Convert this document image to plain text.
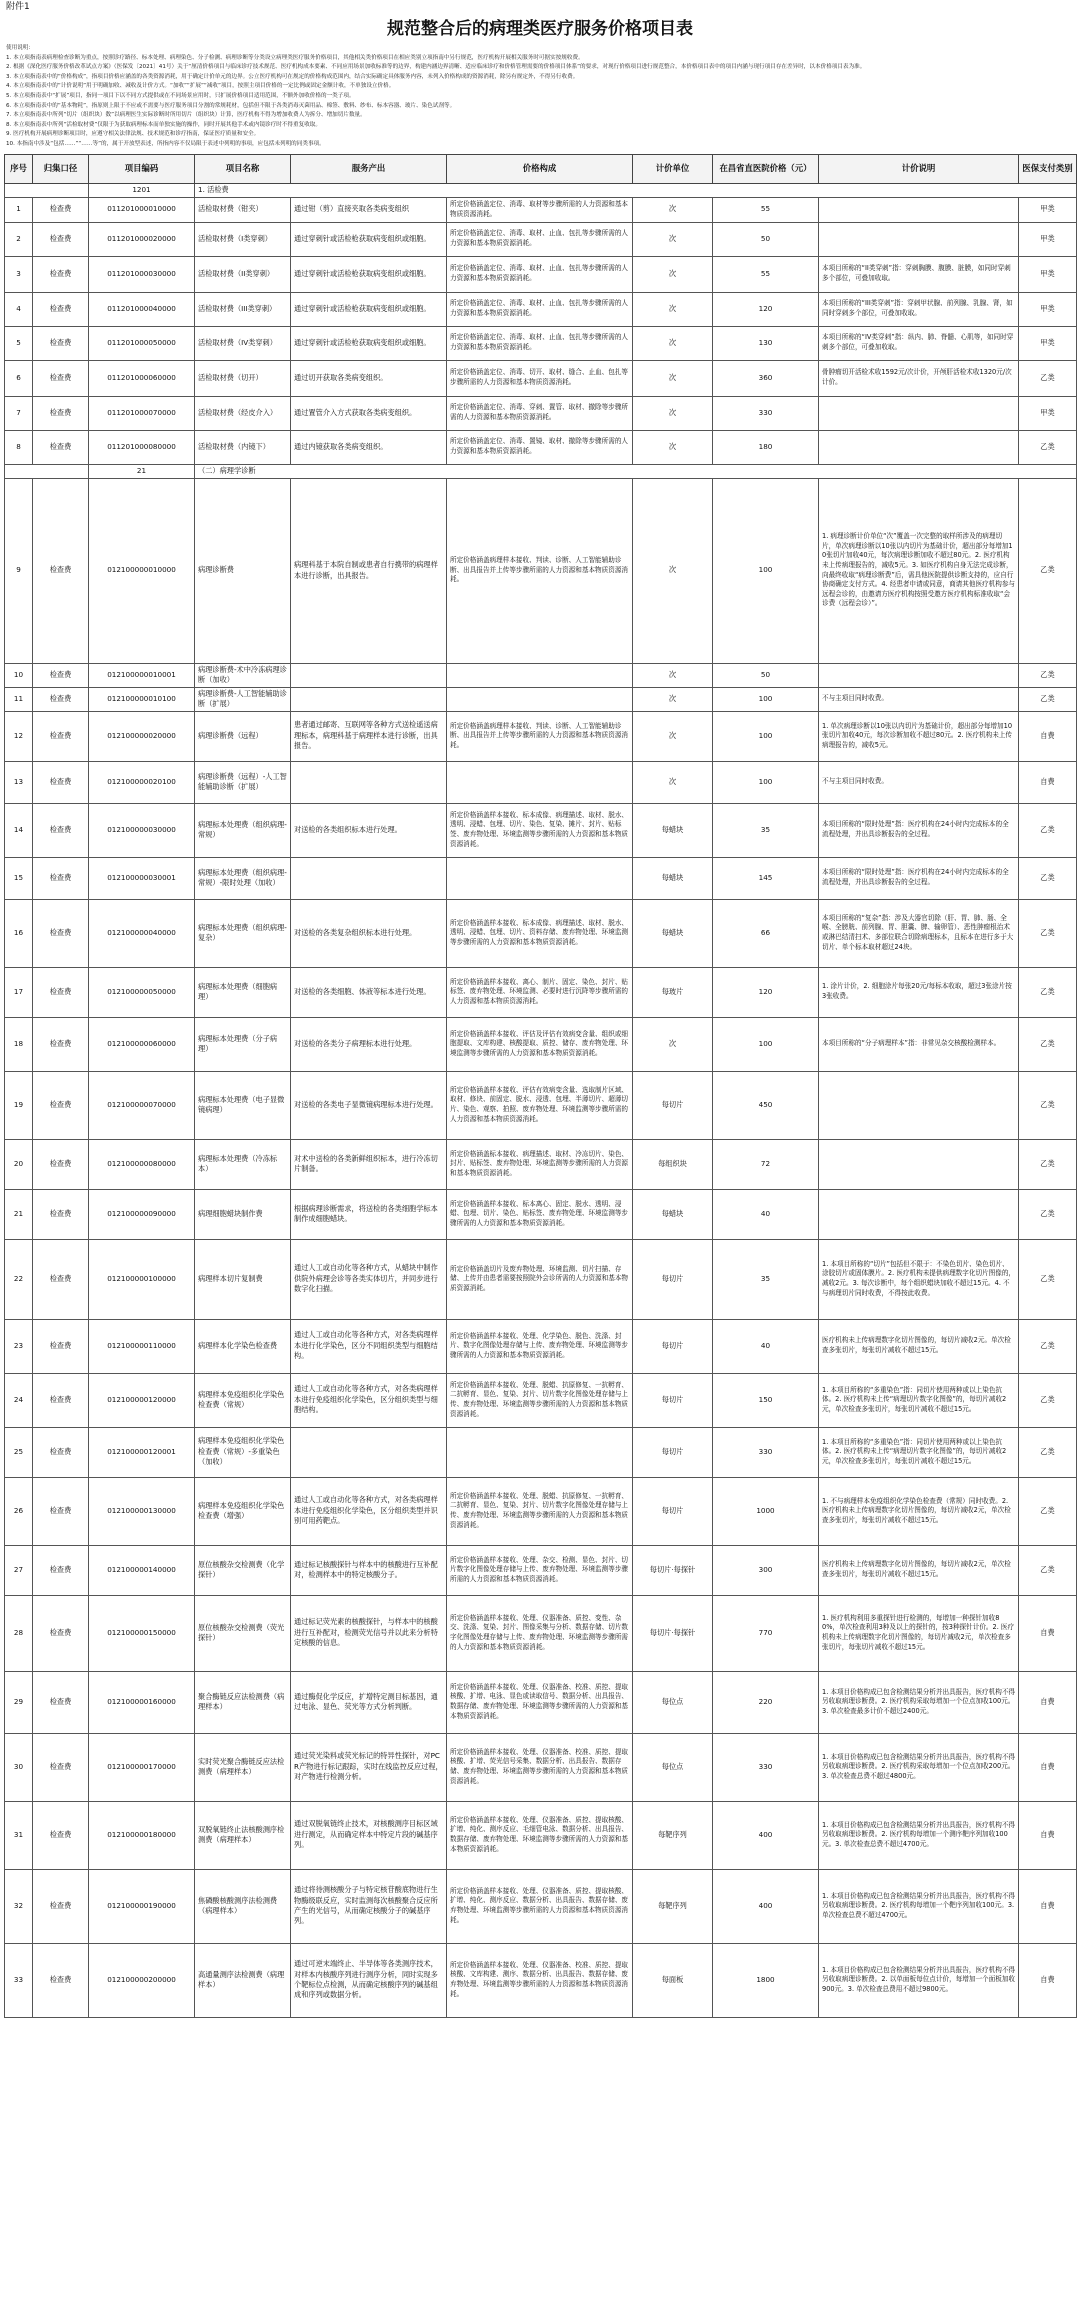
附件1
规范整合后的病理类医疗服务价格项目表

使用说明：

1. 本立项指南表病理检查诊断为重点，按照诊疗路径、标本处理、病理染色、分子检测、病理诊断等分类设立病理类医疗服务价格项目，其他相关类价格项目在相应类别立项指南中另行规范，医疗机构开展相关服务时可据实按规收费。

2. 根据《深化医疗服务价格改革试点方案》（医保发〔2021〕41号）关于“厘清价格项目与临床诊疗技术规范、医疗机构成本要素、不同应用场景加收标准等的边界，构建内涵边界清晰、适应临床诊疗和价格管理需要的价格项目体系”的要求，对现行价格项目进行规范整合，本价格项目表中的项目内涵与现行项目存在差异时，以本价格项目表为准。

3. 本立项指南表中的“价格构成”，指项目价格应涵盖的各类资源消耗，用于确定计价单元的边界。公立医疗机构可在规定的价格构成范围内，结合实际确定具体服务内容，未列入价格构成的资源消耗，除另有规定外，不得另行收费。

4. 本立项指南表中的“计价说明”用于明确加收、减收及计价方式。“加收”“扩展”“减收”项目，按照主项目价格的一定比例或固定金额计收，不单独设立价格。

5. 本立项指南表中“扩展”项目，指同一项目下以不同方式提供或在不同场景应用时，只扩展价格项目适用范围，不额外加收价格的一类子项。

6. 本立项指南表中的“基本物耗”，指原则上限于不应或不需要与医疗服务项目分割的常规耗材，包括但不限于各类消毒灭菌用品、棉签、敷料、纱布、标本容器、玻片、染色试剂等。

7. 本立项指南表中所列“切片（组织块）数”以病理医生实际诊断时所用切片（组织块）计算，医疗机构不得为增加收费人为拆分、增加切片数量。

8. 本立项指南表中所列“活检取材费”仅限于为获取病理标本而单独实施的操作，同时开展其他手术或内镜诊疗时不得重复收取。

9. 医疗机构开展病理诊断项目时，应遵守相关法律法规、技术规范和诊疗指南，保证医疗质量和安全。

10. 本指南中涉及“包括……”“……等”的，属于开放型表述，所指内容不仅局限于表述中列明的事项，应包括未列明的同类事项。

序号	归集口径	项目编码	项目名称	服务产出	价格构成	计价单位	在昌省直医院价格（元）	计价说明	医保支付类别
		1201	1. 活检费						
1	检查费	011201000010000	活检取材费（钳夹）	通过钳（剪）直接夹取各类病变组织	所定价格涵盖定位、消毒、取材等步骤所需的人力资源和基本物质资源消耗。	次	55		甲类
2	检查费	011201000020000	活检取材费（I类穿刺）	通过穿刺针或活检枪获取病变组织或细胞。	所定价格涵盖定位、消毒、取材、止血、包扎等步骤所需的人力资源和基本物质资源消耗。	次	50		甲类
3	检查费	011201000030000	活检取材费（II类穿刺）	通过穿刺针或活检枪获取病变组织或细胞。	所定价格涵盖定位、消毒、取材、止血、包扎等步骤所需的人力资源和基本物质资源消耗。	次	55	本项目所称的“II类穿刺”指：穿刺胸膜、腹膜、脏膜，如同时穿刺多个部位，可叠加收取。	甲类
4	检查费	011201000040000	活检取材费（III类穿刺）	通过穿刺针或活检枪获取病变组织或细胞。	所定价格涵盖定位、消毒、取材、止血、包扎等步骤所需的人力资源和基本物质资源消耗。	次	120	本项目所称的“III类穿刺”指：穿刺甲状腺、前列腺、乳腺、肾，如同时穿刺多个部位，可叠加收取。	甲类
5	检查费	011201000050000	活检取材费（IV类穿刺）	通过穿刺针或活检枪获取病变组织或细胞。	所定价格涵盖定位、消毒、取材、止血、包扎等步骤所需的人力资源和基本物质资源消耗。	次	130	本项目所称的“IV类穿刺”指：纵内、肺、脊髓、心肌等，如同时穿刺多个部位，可叠加收取。	甲类
6	检查费	011201000060000	活检取材费（切开）	通过切开获取各类病变组织。	所定价格涵盖定位、消毒、切开、取材、缝合、止血、包扎等步骤所需的人力资源和基本物质资源消耗。	次	360	骨肿瘤切开活检术收1592元/次计价，开颅肝活检术收1320元/次计价。	乙类
7	检查费	011201000070000	活检取材费（经皮介入）	通过置管介入方式获取各类病变组织。	所定价格涵盖定位、消毒、穿刺、置管、取材、撤除等步骤所需的人力资源和基本物质资源消耗。	次	330		甲类
8	检查费	011201000080000	活检取材费（内镜下）	通过内镜获取各类病变组织。	所定价格涵盖定位、消毒、置镜、取材、撤除等步骤所需的人力资源和基本物质资源消耗。	次	180		乙类
		21	（二）病理学诊断						
9	检查费	012100000010000	病理诊断费	病理科基于本院自制或患者自行携带的病理样本进行诊断，出具报告。	所定价格涵盖病理样本接收、判读、诊断、人工智能辅助诊断、出具报告并上传等步骤所需的人力资源和基本物质资源消耗。	次	100	1. 病理诊断计价单位“次”覆盖一次完整的取样所涉及的病理切片，单次病理诊断以10张以内切片为基础计价，超出部分每增加10张切片加收40元，每次病理诊断加收不超过80元。2. 医疗机构未上传病理报告的，减收5元。3. 如医疗机构自身无法完成诊断，向最终收取“病理诊断费”后，需具他医院提供诊断支持的，应自行协商确定支付方式。4. 经患者申请或同意，商请其他医疗机构参与远程会诊的，由邀请方医疗机构按照受邀方医疗机构标准收取“会诊费（远程会诊）”。	乙类
10	检查费	012100000010001	病理诊断费-术中冷冻病理诊断（加收）			次	50		乙类
11	检查费	012100000010100	病理诊断费-人工智能辅助诊断（扩展）			次	100	不与主项目同时收费。	乙类
12	检查费	012100000020000	病理诊断费（远程）	患者通过邮寄、互联网等各种方式送检遥送病理标本，病理科基于病理样本进行诊断，出具报告。	所定价格涵盖病理样本接收、判读、诊断、人工智能辅助诊断、出具报告并上传等步骤所需的人力资源和基本物质资源消耗。	次	100	1. 单次病理诊断以10张以内切片为基础计价，超出部分每增加10张切片加收40元，每次诊断加收不超过80元。2. 医疗机构未上传病理报告的，减收5元。	自费
13	检查费	012100000020100	病理诊断费（远程）-人工智能辅助诊断（扩展）			次	100	不与主项目同时收费。	自费
14	检查费	012100000030000	病理标本处理费（组织病理-常规）	对送检的各类组织标本进行处理。	所定价格涵盖样本接收、标本成像、病理描述、取材、脱水、透明、浸蜡、包埋、切片、染色、复染、摊片、封片、贴标签、废弃物处理、环境监测等步骤所需的人力资源和基本物质资源消耗。	每蜡块	35	本项目所称的“限时处理”指：医疗机构在24小时内完成标本的全流程处理，并出具诊断报告的全过程。	乙类
15	检查费	012100000030001	病理标本处理费（组织病理-常规）-限时处理（加收）			每蜡块	145	本项目所称的“限时处理”指：医疗机构在24小时内完成标本的全流程处理，并出具诊断报告的全过程。	乙类
16	检查费	012100000040000	病理标本处理费（组织病理-复杂）	对送检的各类复杂组织标本进行处理。	所定价格涵盖样本接收、标本成像、病理描述、取材、脱水、透明、浸蜡、包埋、切片、资料存储、废弃物处理、环境监测等步骤所需的人力资源和基本物质资源消耗。	每蜡块	66	本项目所称的“复杂”指：涉及大器官切除（肝、胃、肺、肠、全喉、全膀胱、前列腺、胃、胆囊、脾、输卵管）、恶性肿瘤根治术或淋巴结清扫术、多部位联合切除病理标本，且标本在进行多于大切片、单个标本取材超过24块。	乙类
17	检查费	012100000050000	病理标本处理费（细胞病理）	对送检的各类细胞、体液等标本进行处理。	所定价格涵盖样本接收、离心、制片、固定、染色、封片、贴标签、废弃物处理、环境监测、必要时进行沉降等步骤所需的人力资源和基本物质资源消耗。	每玻片	120	1. 涂片计价，2. 细胞涂片每张20元/每标本收取，超过3张涂片按3张收费。	乙类
18	检查费	012100000060000	病理标本处理费（分子病理）	对送检的各类分子病理标本进行处理。	所定价格涵盖样本接收、评估及评估有效病变含量、组织或细胞提取、文库构建、核酸提取、质控、储存、废弃物处理、环境监测等步骤所需的人力资源和基本物质资源消耗。	次	100	本项目所称的“分子病理样本”指：非常见杂交核酸检测样本。	乙类
19	检查费	012100000070000	病理标本处理费（电子显微镜病理）	对送检的各类电子显微镜病理标本进行处理。	所定价格涵盖样本接收、评估有效病变含量、选取制片区域、取材、修块、前固定、脱水、浸透、包埋、半薄切片、超薄切片、染色、观察、拍照、废弃物处理、环境监测等步骤所需的人力资源和基本物质资源消耗。	每切片	450		乙类
20	检查费	012100000080000	病理标本处理费（冷冻标本）	对术中送检的各类新鲜组织标本，进行冷冻切片制备。	所定价格涵盖标本接收、病理描述、取材、冷冻切片、染色、封片、贴标签、废弃物处理、环境监测等步骤所需的人力资源和基本物质资源消耗。	每组织块	72		乙类
21	检查费	012100000090000	病理细胞蜡块制作费	根据病理诊断需求，将送检的各类细胞学标本制作成细胞蜡块。	所定价格涵盖样本接收、标本离心、固定、脱水、透明、浸蜡、包埋、切片、染色、贴标签、废弃物处理、环境监测等步骤所需的人力资源和基本物质资源消耗。	每蜡块	40		乙类
22	检查费	012100000100000	病理样本切片复制费	通过人工或自动化等各种方式，从蜡块中制作供院外病理会诊等各类实体切片，并同步进行数字化扫描。	所定价格涵盖切片及废弃物处理、环境监测、切片扫描、存储、上传并由患者需要按照院外会诊所需的人力资源和基本物质资源消耗。	每切片	35	1. 本项目所称的“切片”包括但不限于：不染色切片、染色切片、涂胶切片或固体膜片。2. 医疗机构未提供病理数字化切片图像的，减收2元。3. 每次诊断中，每个组织蜡块加收不超过15元。4. 不与病理切片同时收费，不得按此收费。	乙类
23	检查费	012100000110000	病理样本化学染色检查费	通过人工或自动化等各种方式，对各类病理样本进行化学染色，区分不同组织类型与细胞结构。	所定价格涵盖样本接收、处理、化学染色、脱色、洗涤、封片、数字化图像处理存储与上传、废弃物处理、环境监测等步骤所需的人力资源和基本物质资源消耗。	每切片	40	医疗机构未上传病理数字化切片图像的，每切片减收2元。单次检查多张切片，每张切片减收不超过15元。	乙类
24	检查费	012100000120000	病理样本免疫组织化学染色检查费（常规）	通过人工或自动化等各种方式，对各类病理样本进行免疫组织化学染色，区分组织类型与细胞结构。	所定价格涵盖样本接收、处理、脱蜡、抗原修复、一抗孵育、二抗孵育、显色、复染、封片、切片数字化图像处理存储与上传、废弃物处理、环境监测等步骤所需的人力资源和基本物质资源消耗。	每切片	150	1. 本项目所称的“多重染色”指：同切片使用两种或以上染色抗体。2. 医疗机构未上传“病理切片数字化图像”的，每切片减收2元，单次检查多张切片，每张切片减收不超过15元。	乙类
25	检查费	012100000120001	病理样本免疫组织化学染色检查费（常规）-多重染色（加收）			每切片	330	1. 本项目所称的“多重染色”指：同切片使用两种或以上染色抗体。2. 医疗机构未上传“病理切片数字化图像”的，每切片减收2元，单次检查多张切片，每张切片减收不超过15元。	乙类
26	检查费	012100000130000	病理样本免疫组织化学染色检查费（增强）	通过人工或自动化等各种方式，对各类病理样本进行免疫组织化学染色，区分组织类型并识别可用药靶点。	所定价格涵盖样本接收、处理、脱蜡、抗原修复、一抗孵育、二抗孵育、显色、复染、封片、切片数字化图像处理存储与上传、废弃物处理、环境监测等步骤所需的人力资源和基本物质资源消耗。	每切片	1000	1. 不与病理样本免疫组织化学染色检查费（常规）同时收费。2. 医疗机构未上传病理数字化切片图像的，每切片减收2元，单次检查多张切片，每张切片减收不超过15元。	乙类
27	检查费	012100000140000	原位核酸杂交检测费（化学探针）	通过标记核酸探针与样本中的核酸进行互补配对，检测样本中的特定核酸分子。	所定价格涵盖样本接收、处理、杂交、检测、显色、封片、切片数字化图像处理存储与上传、废弃物处理、环境监测等步骤所需的人力资源和基本物质资源消耗。	每切片·每探针	300	医疗机构未上传病理数字化切片图像的，每切片减收2元，单次检查多张切片，每张切片减收不超过15元。	乙类
28	检查费	012100000150000	原位核酸杂交检测费（荧光探针）	通过标记荧光素的核酸探针，与样本中的核酸进行互补配对，检测荧光信号并以此来分析特定核酸的信息。	所定价格涵盖样本接收、处理、仪器准备、质控、变性、杂交、洗涤、复染、封片、图像采集与分析、数据存储、切片数字化图像处理存储与上传、废弃物处理、环境监测等步骤所需的人力资源和基本物质资源消耗。	每切片·每探针	770	1. 医疗机构利用多重探针进行检测的，每增加一种探针加收80%，单次检查利用3种及以上的探针的，按3种探针计价。2. 医疗机构未上传病理数字化切片图像的，每切片减收2元，单次检查多张切片，每张切片减收不超过15元。	自费
29	检查费	012100000160000	聚合酶链反应法检测费（病理样本）	通过酶促化学反应，扩增特定测目标基因，通过电泳、显色、荧光等方式分析判断。	所定价格涵盖样本接收、处理、仪器准备、校准、质控、提取核酸、扩增、电泳、显色或读取信号、数据分析、出具报告、数据存储、废弃物处理、环境监测等步骤所需的人力资源和基本物质资源消耗。	每位点	220	1. 本项目价格构成已包含检测结果分析并出具报告，医疗机构不得另收取病理诊断费。2. 医疗机构采取每增加一个位点加收100元。3. 单次检查最多计价不超过2400元。	自费
30	检查费	012100000170000	实时荧光聚合酶链反应法检测费（病理样本）	通过荧光染料或荧光标记的特异性探针，对PCR产物进行标记跟踪，实时在线监控反应过程，对产物进行检测分析。	所定价格涵盖样本接收、处理、仪器准备、校准、质控、提取核酸、扩增、荧光信号采集、数据分析、出具报告、数据存储、废弃物处理、环境监测等步骤所需的人力资源和基本物质资源消耗。	每位点	330	1. 本项目价格构成已包含检测结果分析并出具报告，医疗机构不得另收取病理诊断费。2. 医疗机构采取每增加一个位点加收200元。3. 单次检查总费不超过4800元。	自费
31	检查费	012100000180000	双脱氧链终止法核酸测序检测费（病理样本）	通过双脱氧链终止技术，对核酸测序目标区域进行测定，从而确定样本中特定片段的碱基序列。	所定价格涵盖样本接收、处理、仪器准备、质控、提取核酸、扩增、纯化、测序反应、毛细管电泳、数据分析、出具报告、数据存储、废弃物处理、环境监测等步骤所需的人力资源和基本物质资源消耗。	每靶序列	400	1. 本项目价格构成已包含检测结果分析并出具报告，医疗机构不得另收取病理诊断费。2. 医疗机构每增加一个测序靶序列加收100元。3. 单次检查总费不超过4700元。	自费
32	检查费	012100000190000	焦磷酸核酸测序法检测费（病理样本）	通过将待测核酸分子与特定核苷酸底物进行生物酶级联反应，实时监测每次核酸聚合反应所产生的光信号，从而确定核酸分子的碱基序列。	所定价格涵盖样本接收、处理、仪器准备、质控、提取核酸、扩增、纯化、测序反应、数据分析、出具报告、数据存储、废弃物处理、环境监测等步骤所需的人力资源和基本物质资源消耗。	每靶序列	400	1. 本项目价格构成已包含检测结果分析并出具报告，医疗机构不得另收取病理诊断费。2. 医疗机构每增加一个靶序列加收100元。3. 单次检查总费不超过4700元。	自费
33	检查费	012100000200000	高通量测序法检测费（病理样本）	通过可逆末端终止、半导体等各类测序技术，对样本内核酸序列进行测序分析，同时实现多个靶标位点检测，从而确定核酸序列的碱基组成和序列或数据分析。	所定价格涵盖样本接收、处理、仪器准备、校准、质控、提取核酸、文库构建、测序、数据分析、出具报告、数据存储、废弃物处理、环境监测等步骤所需的人力资源和基本物质资源消耗。	每面板	1800	1. 本项目价格构成已包含检测结果分析并出具报告，医疗机构不得另收取病理诊断费。2. 以单面板每位点计价，每增加一个面板加收900元。3. 单次检查总费用不超过9800元。	自费
